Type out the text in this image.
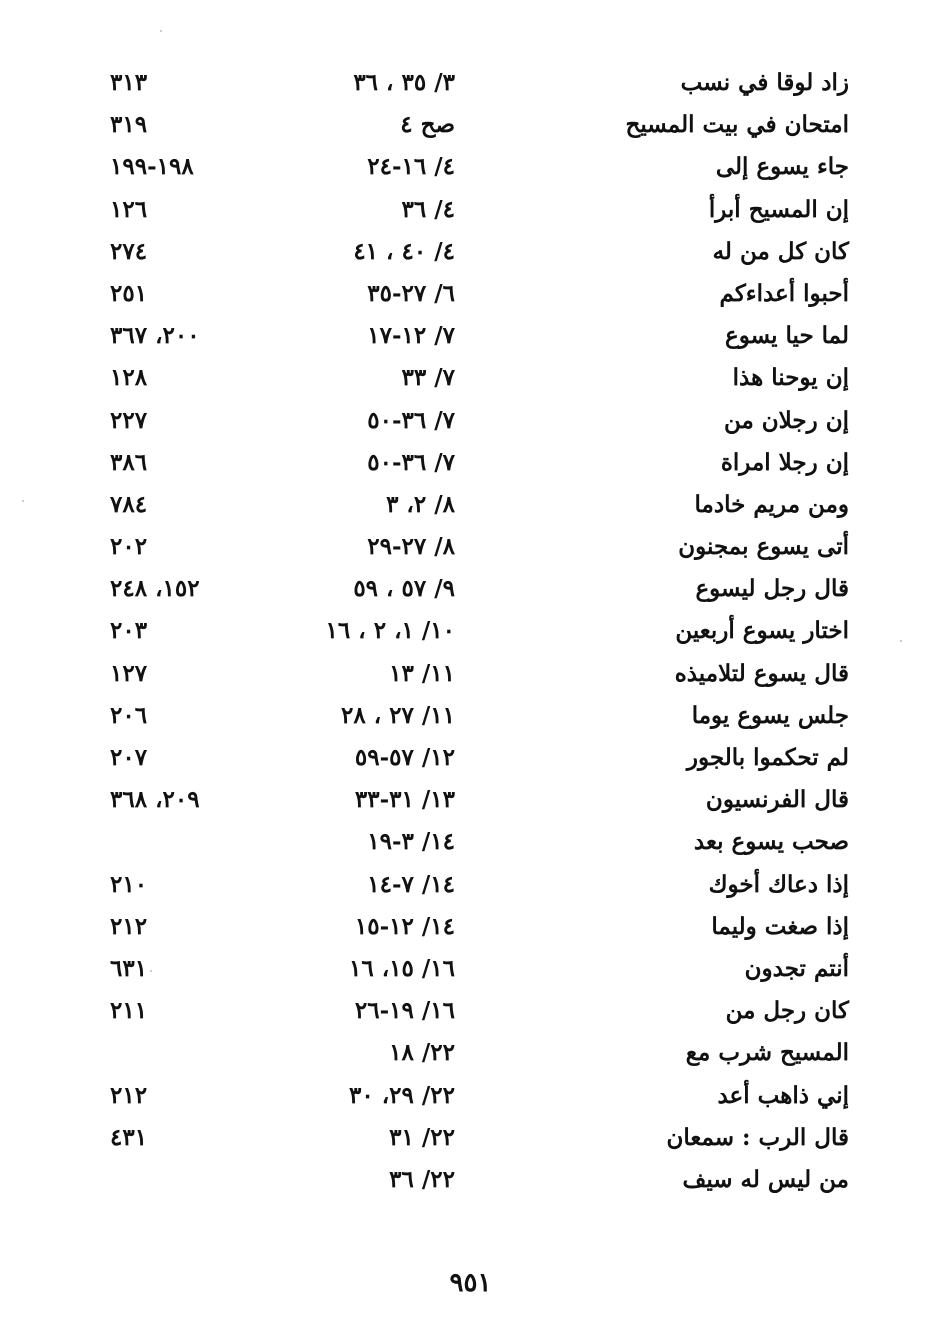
زاد لوقا في نسب
٣/ ٣٥ ، ٣٦
٣١٣
امتحان في بيت المسيح
صح ٤
٣١٩
جاء يسوع إلى
٤/ ١٦-٢٤
١٩٨-١٩٩
إن المسيح أبرأ
٤/ ٣٦
١٢٦
كان كل من له
٤/ ٤٠ ، ٤١
٢٧٤
أحبوا أعداءكم
٦/ ٢٧-٣٥
٢٥١
لما حيا يسوع
٧/ ١٢-١٧
٢٠٠، ٣٦٧
إن يوحنا هذا
٧/ ٣٣
١٢٨
إن رجلان من
٧/ ٣٦-٥٠
٢٢٧
إن رجلا امراة
٧/ ٣٦-٥٠
٣٨٦
ومن مريم خادما
٨/ ٢، ٣
٧٨٤
أتى يسوع بمجنون
٨/ ٢٧-٢٩
٢٠٢
قال رجل ليسوع
٩/ ٥٧ ، ٥٩
١٥٢، ٢٤٨
اختار يسوع أربعين
١٠/ ١، ٢ ، ١٦
٢٠٣
قال يسوع لتلاميذه
١١/ ١٣
١٢٧
جلس يسوع يوما
١١/ ٢٧ ، ٢٨
٢٠٦
لم تحكموا بالجور
١٢/ ٥٧-٥٩
٢٠٧
قال الفرنسيون
١٣/ ٣١-٣٣
٢٠٩، ٣٦٨
صحب يسوع بعد
١٤/ ٣-١٩
إذا دعاك أخوك
١٤/ ٧-١٤
٢١٠
إذا صغت وليما
١٤/ ١٢-١٥
٢١٢
أنتم تجدون
١٦/ ١٥، ١٦
٦٣١
كان رجل من
١٦/ ١٩-٢٦
٢١١
المسيح شرب مع
٢٢/ ١٨
إني ذاهب أعد
٢٢/ ٢٩، ٣٠
٢١٢
قال الرب : سمعان
٢٢/ ٣١
٤٣١
من ليس له سيف
٢٢/ ٣٦
٩٥١
